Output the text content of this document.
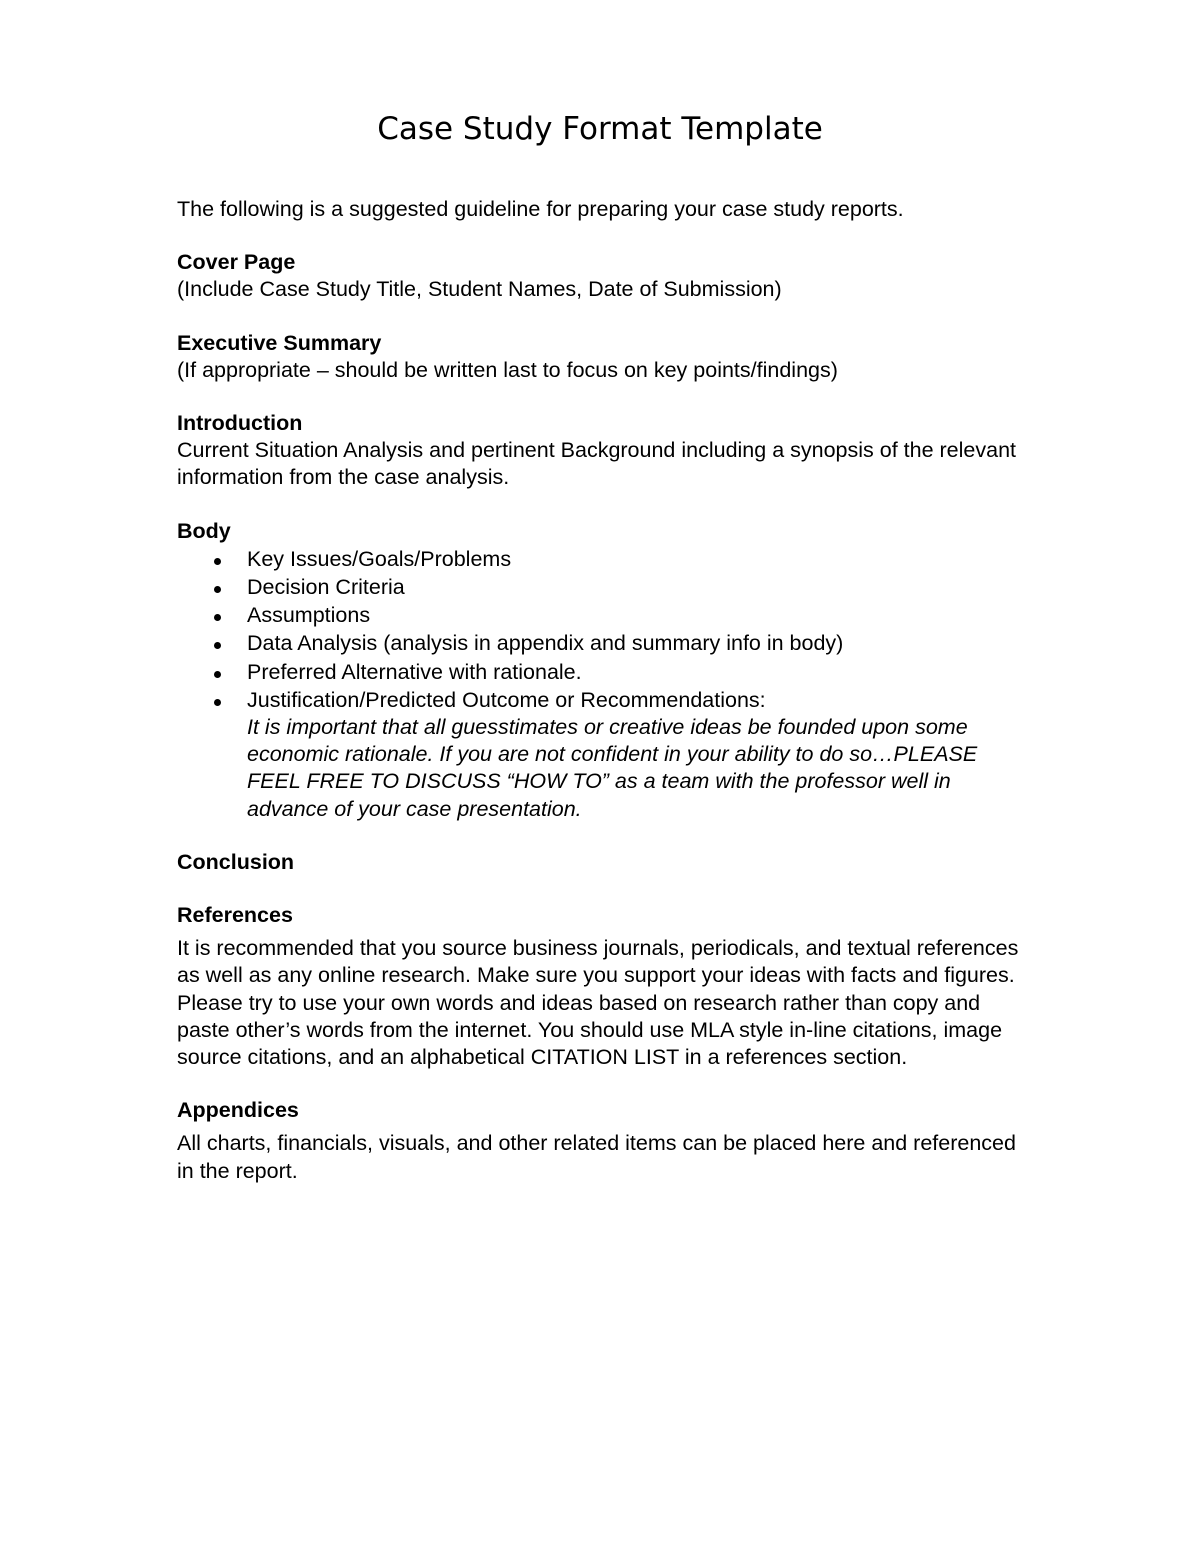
Case Study Format Template

The following is a suggested guideline for preparing your case study reports.

Cover Page

(Include Case Study Title, Student Names, Date of Submission)

Executive Summary

(If appropriate – should be written last to focus on key points/findings)

Introduction

Current Situation Analysis and pertinent Background including a synopsis of the relevant information from the case analysis.

Body

Key Issues/Goals/Problems
Decision Criteria
Assumptions
Data Analysis (analysis in appendix and summary info in body)
Preferred Alternative with rationale.
Justification/Predicted Outcome or Recommendations:
It is important that all guesstimates or creative ideas be founded upon some economic rationale. If you are not confident in your ability to do so…PLEASE FEEL FREE TO DISCUSS “HOW TO” as a team with the professor well in advance of your case presentation.

Conclusion

References

It is recommended that you source business journals, periodicals, and textual references as well as any online research. Make sure you support your ideas with facts and figures. Please try to use your own words and ideas based on research rather than copy and paste other’s words from the internet. You should use MLA style in-line citations, image source citations, and an alphabetical CITATION LIST in a references section.

Appendices

All charts, financials, visuals, and other related items can be placed here and referenced in the report.
